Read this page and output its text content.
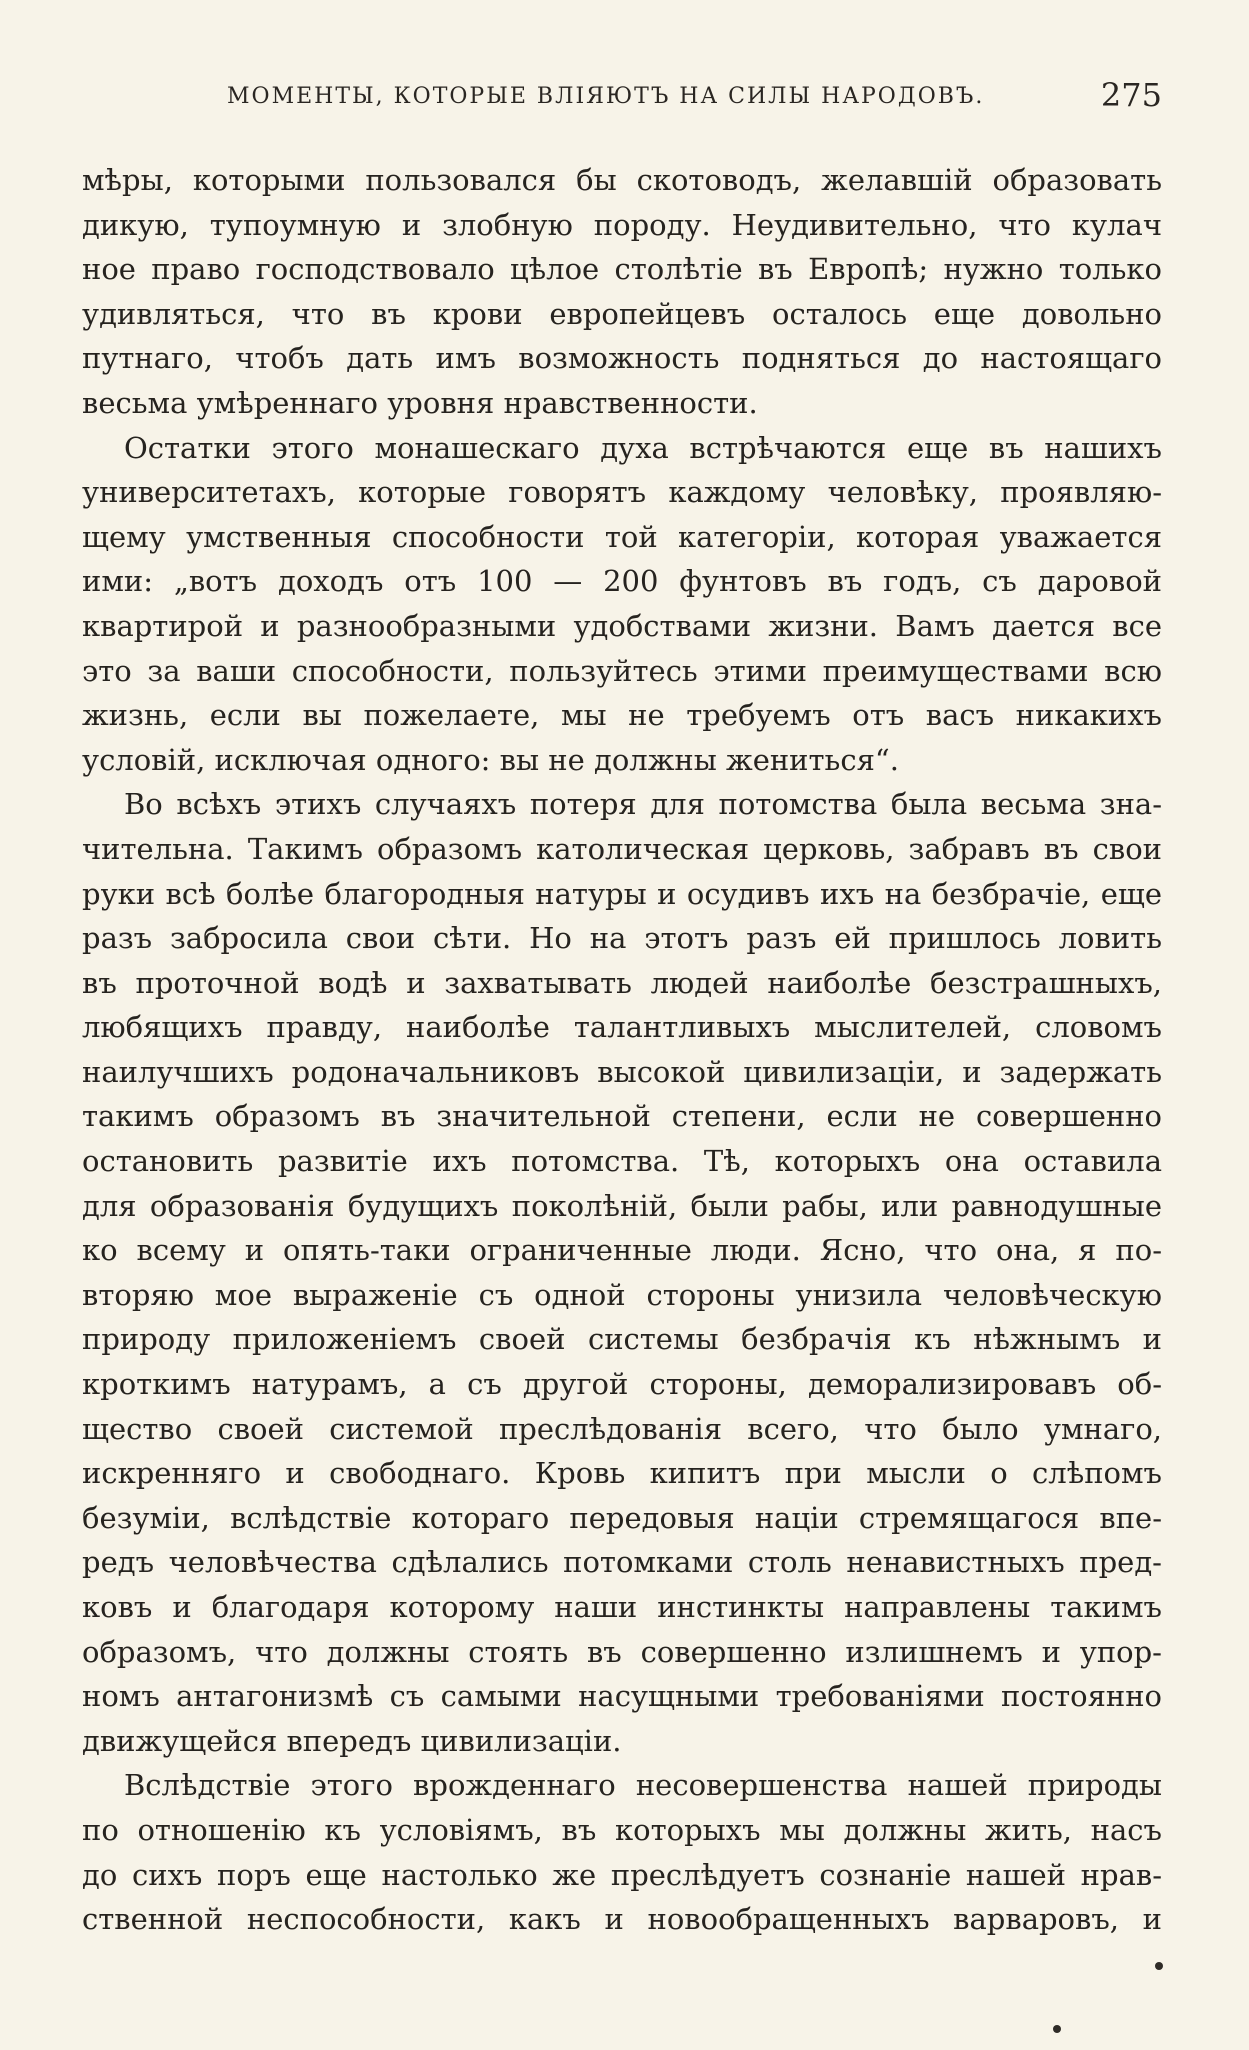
МОМЕНТЫ, КОТОРЫЕ ВЛІЯЮТЪ НА СИЛЫ НАРОДОВЪ.	275
мѣры, которыми пользовался бы скотоводъ, желавшій образовать
дикую, тупоумную и злобную породу. Неудивительно, что кулач
ное право господствовало цѣлое столѣтіе въ Европѣ; нужно только
удивляться, что въ крови европейцевъ осталось еще довольно
путнаго, чтобъ дать имъ возможность подняться до настоящаго
весьма умѣреннаго уровня нравственности.
Остатки этого монашескаго духа встрѣчаются еще въ нашихъ
университетахъ, которые говорятъ каждому человѣку, проявляю-
щему умственныя способности той категоріи, которая уважается
ими: „вотъ доходъ отъ 100 — 200 фунтовъ въ годъ, съ даровой
квартирой и разнообразными удобствами жизни. Вамъ дается все
это за ваши способности, пользуйтесь этими преимуществами всю
жизнь, если вы пожелаете, мы не требуемъ отъ васъ никакихъ
условій, исключая одного: вы не должны жениться“.
Во всѣхъ этихъ случаяхъ потеря для потомства была весьма зна-
чительна. Такимъ образомъ католическая церковь, забравъ въ свои
руки всѣ болѣе благородныя натуры и осудивъ ихъ на безбрачіе, еще
разъ забросила свои сѣти. Но на этотъ разъ ей пришлось ловить
въ проточной водѣ и захватывать людей наиболѣе безстрашныхъ,
любящихъ правду, наиболѣе талантливыхъ мыслителей, словомъ
наилучшихъ родоначальниковъ высокой цивилизаціи, и задержать
такимъ образомъ въ значительной степени, если не совершенно
остановить развитіе ихъ потомства. Тѣ, которыхъ она оставила
для образованія будущихъ поколѣній, были рабы, или равнодушные
ко всему и опять-таки ограниченные люди. Ясно, что она, я по-
вторяю мое выраженіе съ одной стороны унизила человѣческую
природу приложеніемъ своей системы безбрачія къ нѣжнымъ и
кроткимъ натурамъ, а съ другой стороны, деморализировавъ об-
щество своей системой преслѣдованія всего, что было умнаго,
искренняго и свободнаго. Кровь кипитъ при мысли о слѣпомъ
безуміи, вслѣдствіе котораго передовыя націи стремящагося впе-
редъ человѣчества сдѣлались потомками столь ненавистныхъ пред-
ковъ и благодаря которому наши инстинкты направлены такимъ
образомъ, что должны стоять въ совершенно излишнемъ и упор-
номъ антагонизмѣ съ самыми насущными требованіями постоянно
движущейся впередъ цивилизаціи.
Вслѣдствіе этого врожденнаго несовершенства нашей природы
по отношенію къ условіямъ, въ которыхъ мы должны жить, насъ
до сихъ поръ еще настолько же преслѣдуетъ сознаніе нашей нрав-
ственной неспособности, какъ и новообращенныхъ варваровъ, и
